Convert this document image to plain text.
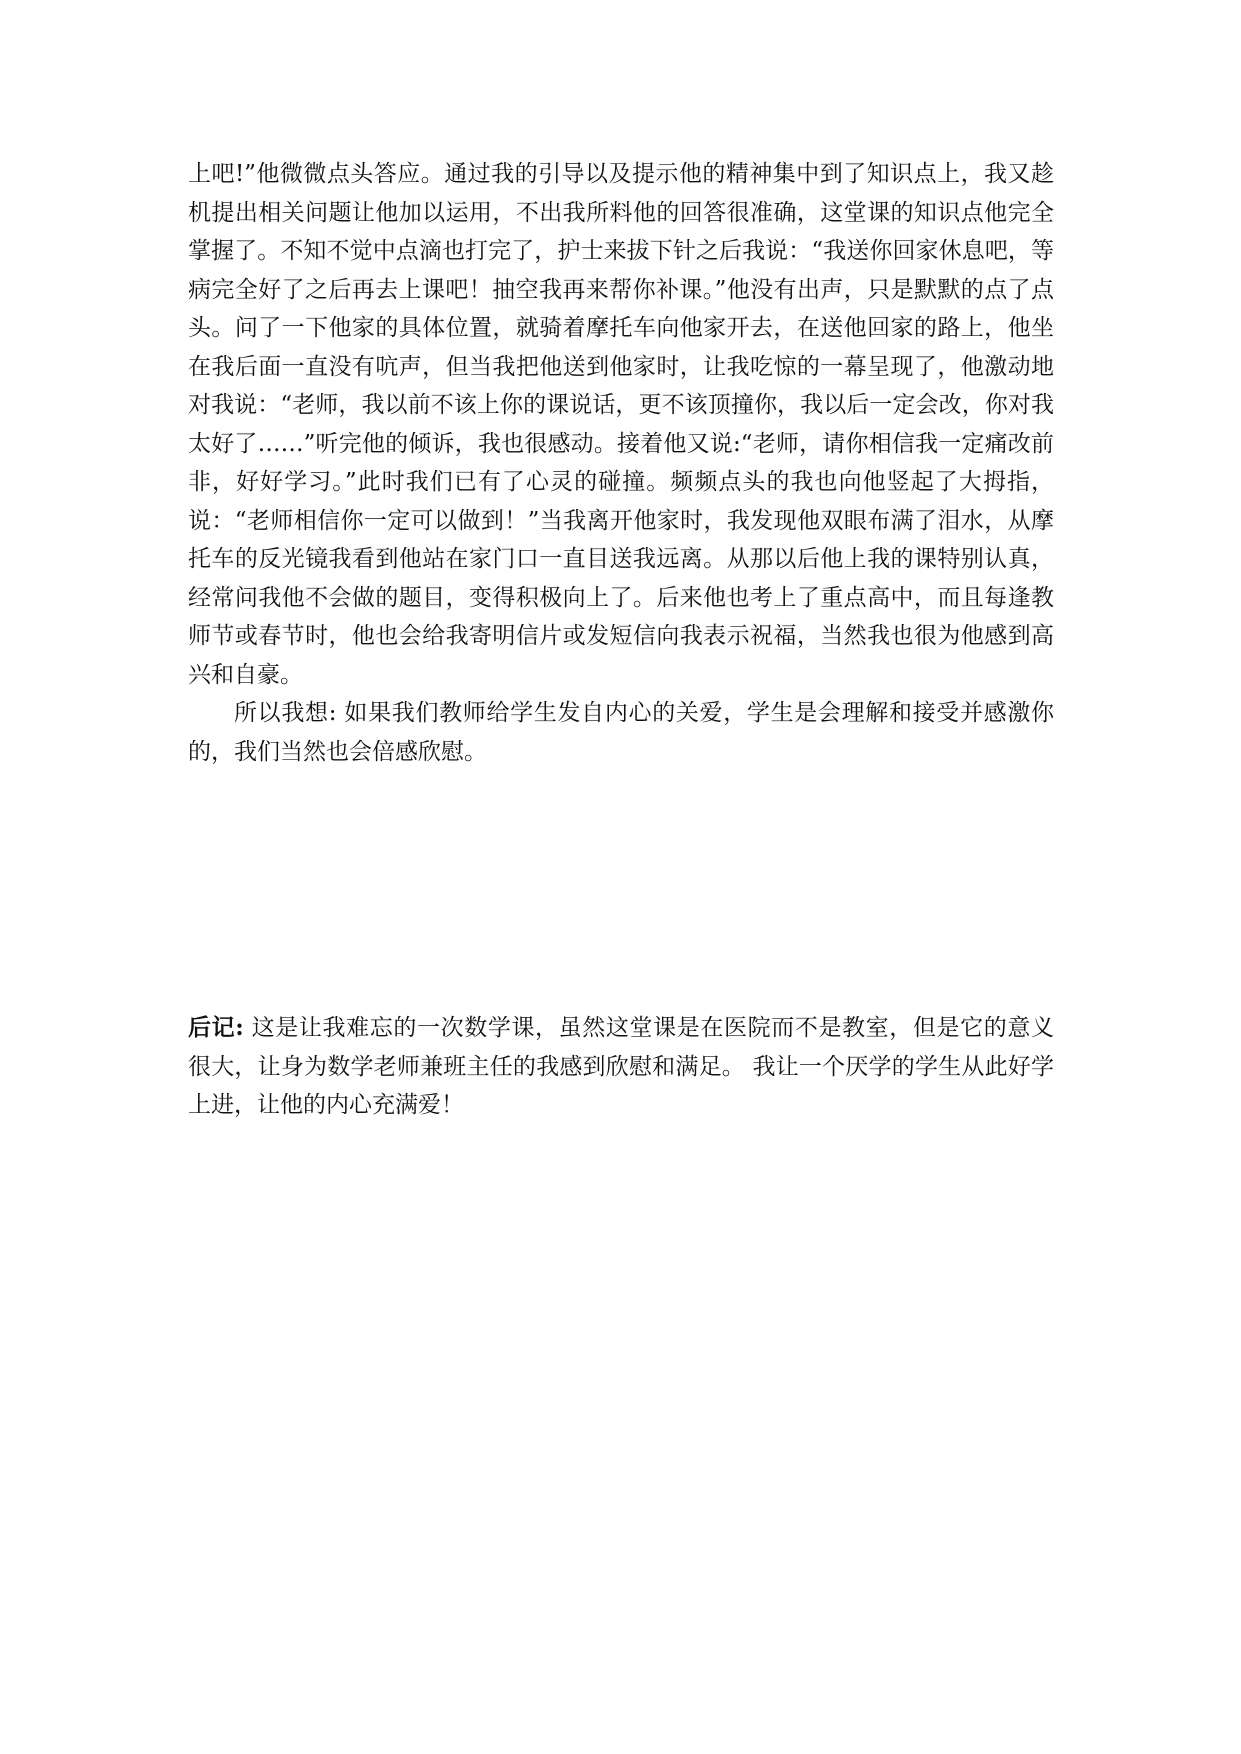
上吧!”他微微点头答应。通过我的引导以及提示他的精神集中到了知识点上，我又趁机提出相关问题让他加以运用，不出我所料他的回答很准确，这堂课的知识点他完全掌握了。不知不觉中点滴也打完了，护士来拔下针之后我说：“我送你回家休息吧，等病完全好了之后再去上课吧！抽空我再来帮你补课。”他没有出声，只是默默的点了点头。问了一下他家的具体位置，就骑着摩托车向他家开去，在送他回家的路上，他坐在我后面一直没有吭声，但当我把他送到他家时，让我吃惊的一幕呈现了，他激动地对我说：“老师，我以前不该上你的课说话，更不该顶撞你，我以后一定会改，你对我太好了……”听完他的倾诉，我也很感动。接着他又说:“老师，请你相信我一定痛改前非，好好学习。”此时我们已有了心灵的碰撞。频频点头的我也向他竖起了大拇指，说：“老师相信你一定可以做到！”当我离开他家时，我发现他双眼布满了泪水，从摩托车的反光镜我看到他站在家门口一直目送我远离。从那以后他上我的课特别认真，经常问我他不会做的题目，变得积极向上了。后来他也考上了重点高中，而且每逢教师节或春节时，他也会给我寄明信片或发短信向我表示祝福，当然我也很为他感到高兴和自豪。

所以我想: 如果我们教师给学生发自内心的关爱，学生是会理解和接受并感激你的，我们当然也会倍感欣慰。

后记: 这是让我难忘的一次数学课，虽然这堂课是在医院而不是教室，但是它的意义很大，让身为数学老师兼班主任的我感到欣慰和满足。 我让一个厌学的学生从此好学上进，让他的内心充满爱！
